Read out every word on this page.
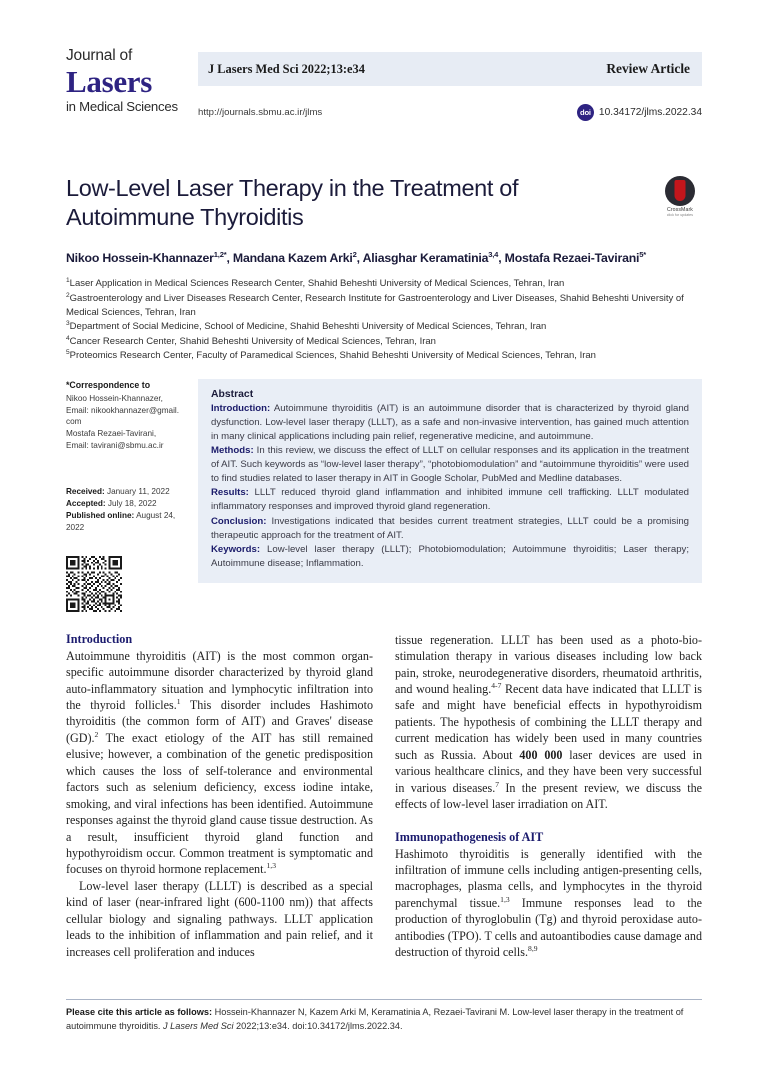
Journal of
Lasers
in Medical Sciences
J Lasers Med Sci 2022;13:e34	Review Article
http://journals.sbmu.ac.ir/jlms	doi 10.34172/jlms.2022.34
Low-Level Laser Therapy in the Treatment of Autoimmune Thyroiditis	CrossMark
click for updates
Nikoo Hossein-Khannazer$^{1,2*}$, Mandana Kazem Arki$^2$, Aliasghar Keramatinia$^{3,4}$, Mostafa Rezaei-Tavirani$^{5*}$
$^1$Laser Application in Medical Sciences Research Center, Shahid Beheshti University of Medical Sciences, Tehran, Iran
$^2$Gastroenterology and Liver Diseases Research Center, Research Institute for Gastroenterology and Liver Diseases, Shahid Beheshti University of Medical Sciences, Tehran, Iran
$^3$Department of Social Medicine, School of Medicine, Shahid Beheshti University of Medical Sciences, Tehran, Iran
$^4$Cancer Research Center, Shahid Beheshti University of Medical Sciences, Tehran, Iran
$^5$Proteomics Research Center, Faculty of Paramedical Sciences, Shahid Beheshti University of Medical Sciences, Tehran, Iran
*Correspondence to
Nikoo Hossein-Khannazer,
Email: nikookhannazer@gmail.
com
Mostafa Rezaei-Tavirani,
Email: tavirani@sbmu.ac.ir
Received: January 11, 2022
Accepted: July 18, 2022
Published online: August 24, 2022
Abstract

Introduction: Autoimmune thyroiditis (AIT) is an autoimmune disorder that is characterized by thyroid gland dysfunction. Low-level laser therapy (LLLT), as a safe and non-invasive intervention, has gained much attention in many clinical applications including pain relief, regenerative medicine, and autoimmune.

Methods: In this review, we discuss the effect of LLLT on cellular responses and its application in the treatment of AIT. Such keywords as “low-level laser therapy”, “photobiomodulation” and “autoimmune thyroiditis” were used to find studies related to laser therapy in AIT in Google Scholar, PubMed and Medline databases.

Results: LLLT reduced thyroid gland inflammation and inhibited immune cell trafficking. LLLT modulated inflammatory responses and improved thyroid gland regeneration.

Conclusion: Investigations indicated that besides current treatment strategies, LLLT could be a promising therapeutic approach for the treatment of AIT.

Keywords: Low-level laser therapy (LLLT); Photobiomodulation; Autoimmune thyroiditis; Laser therapy; Autoimmune disease; Inflammation.

Introduction

Autoimmune thyroiditis (AIT) is the most common organ-specific autoimmune disorder characterized by thyroid gland auto-inflammatory situation and lymphocytic infiltration into the thyroid follicles.$^1$ This disorder includes Hashimoto thyroiditis (the common form of AIT) and Graves' disease (GD).$^2$ The exact etiology of the AIT has still remained elusive; however, a combination of the genetic predisposition which causes the loss of self-tolerance and environmental factors such as selenium deficiency, excess iodine intake, smoking, and viral infections has been identified. Autoimmune responses against the thyroid gland cause tissue destruction. As a result, insufficient thyroid gland function and hypothyroidism occur. Common treatment is symptomatic and focuses on thyroid hormone replacement.$^{1,3}$

Low-level laser therapy (LLLT) is described as a special kind of laser (near-infrared light (600-1100 nm)) that affects cellular biology and signaling pathways. LLLT application leads to the inhibition of inflammation and pain relief, and it increases cell proliferation and induces

tissue regeneration. LLLT has been used as a photo-bio-stimulation therapy in various diseases including low back pain, stroke, neurodegenerative disorders, rheumatoid arthritis, and wound healing.$^{4-7}$ Recent data have indicated that LLLT is safe and might have beneficial effects in hypothyroidism patients. The hypothesis of combining the LLLT therapy and current medication has widely been used in many countries such as Russia. About 400 000 laser devices are used in various healthcare clinics, and they have been very successful in various diseases.$^7$ In the present review, we discuss the effects of low-level laser irradiation on AIT.

Immunopathogenesis of AIT

Hashimoto thyroiditis is generally identified with the infiltration of immune cells including antigen-presenting cells, macrophages, plasma cells, and lymphocytes in the thyroid parenchymal tissue.$^{1,3}$ Immune responses lead to the production of thyroglobulin (Tg) and thyroid peroxidase auto-antibodies (TPO). T cells and autoantibodies cause damage and destruction of thyroid cells.$^{8,9}$

Please cite this article as follows: Hossein-Khannazer N, Kazem Arki M, Keramatinia A, Rezaei-Tavirani M. Low-level laser therapy in the treatment of autoimmune thyroiditis. J Lasers Med Sci 2022;13:e34. doi:10.34172/jlms.2022.34.
